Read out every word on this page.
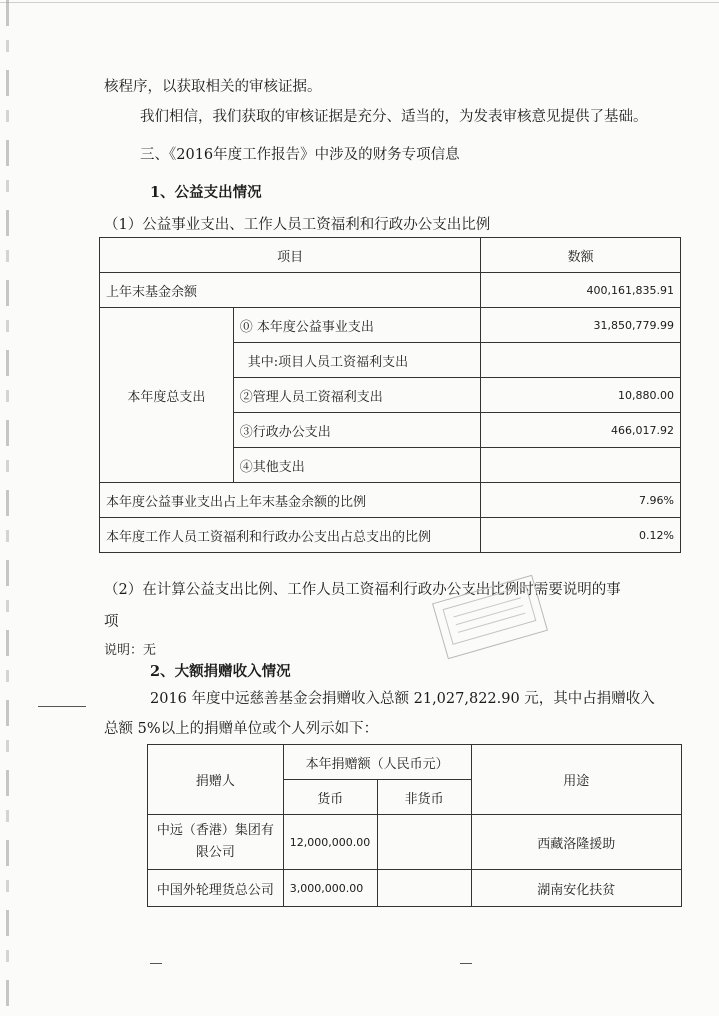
核程序，以获取相关的审核证据。
我们相信，我们获取的审核证据是充分、适当的，为发表审核意见提供了基础。
三、《2016年度工作报告》中涉及的财务专项信息
1、公益支出情况
（1）公益事业支出、工作人员工资福利和行政办公支出比例
项目		数额
上年末基金余额		400,161,835.91
本年度总支出	⓪ 本年度公益事业支出	31,850,779.99
	其中:项目人员工资福利支出	
	②管理人员工资福利支出	10,880.00
	③行政办公支出	466,017.92
	④其他支出	
本年度公益事业支出占上年末基金余额的比例		7.96%
本年度工作人员工资福利和行政办公支出占总支出的比例		0.12%
（2）在计算公益支出比例、工作人员工资福利行政办公支出比例时需要说明的事
项
说明：无
2、大额捐赠收入情况
2016 年度中远慈善基金会捐赠收入总额 21,027,822.90 元，其中占捐赠收入
总额 5%以上的捐赠单位或个人列示如下：
捐赠人	本年捐赠额（人民币元）		用途
	货币	非货币	
中远（香港）集团有
限公司	12,000,000.00		西藏洛隆援助
中国外轮理货总公司	3,000,000.00		湖南安化扶贫
